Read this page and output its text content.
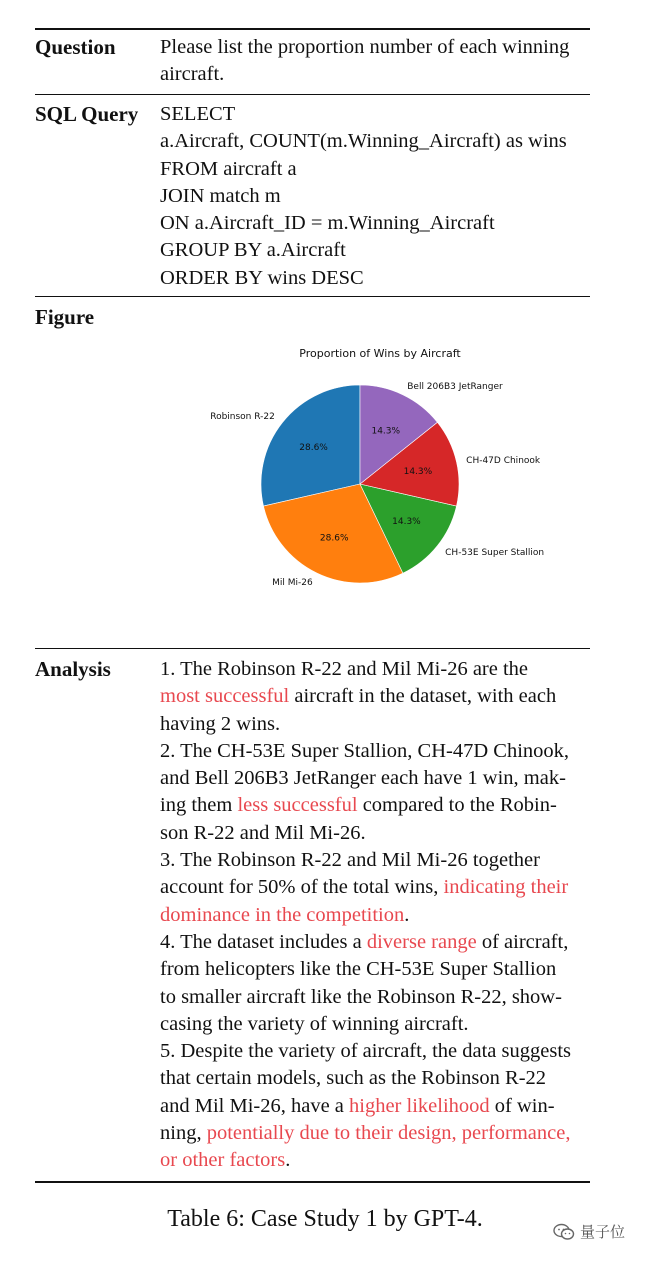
Question Please list the proportion number of each winning
aircraft.
SQL Query SELECT
a.Aircraft, COUNT(m.Winning_Aircraft) as wins
FROM aircraft a
JOIN match m
ON a.Aircraft_ID = m.Winning_Aircraft
GROUP BY a.Aircraft
ORDER BY wins DESC
Figure
Proportion of Wins by Aircraft
28.6%
Robinson R-22
28.6%
Mil Mi-26
14.3%
CH-53E Super Stallion
14.3%
CH-47D Chinook
14.3%
Bell 206B3 JetRanger
Analysis 1. The Robinson R-22 and Mil Mi-26 are the
most successful aircraft in the dataset, with each
having 2 wins.
2. The CH-53E Super Stallion, CH-47D Chinook,
and Bell 206B3 JetRanger each have 1 win, mak-
ing them less successful compared to the Robin-
son R-22 and Mil Mi-26.
3. The Robinson R-22 and Mil Mi-26 together
account for 50% of the total wins, indicating their
dominance in the competition.
4. The dataset includes a diverse range of aircraft,
from helicopters like the CH-53E Super Stallion
to smaller aircraft like the Robinson R-22, show-
casing the variety of winning aircraft.
5. Despite the variety of aircraft, the data suggests
that certain models, such as the Robinson R-22
and Mil Mi-26, have a higher likelihood of win-
ning, potentially due to their design, performance,
or other factors.
Table 6: Case Study 1 by GPT-4.	量子位
